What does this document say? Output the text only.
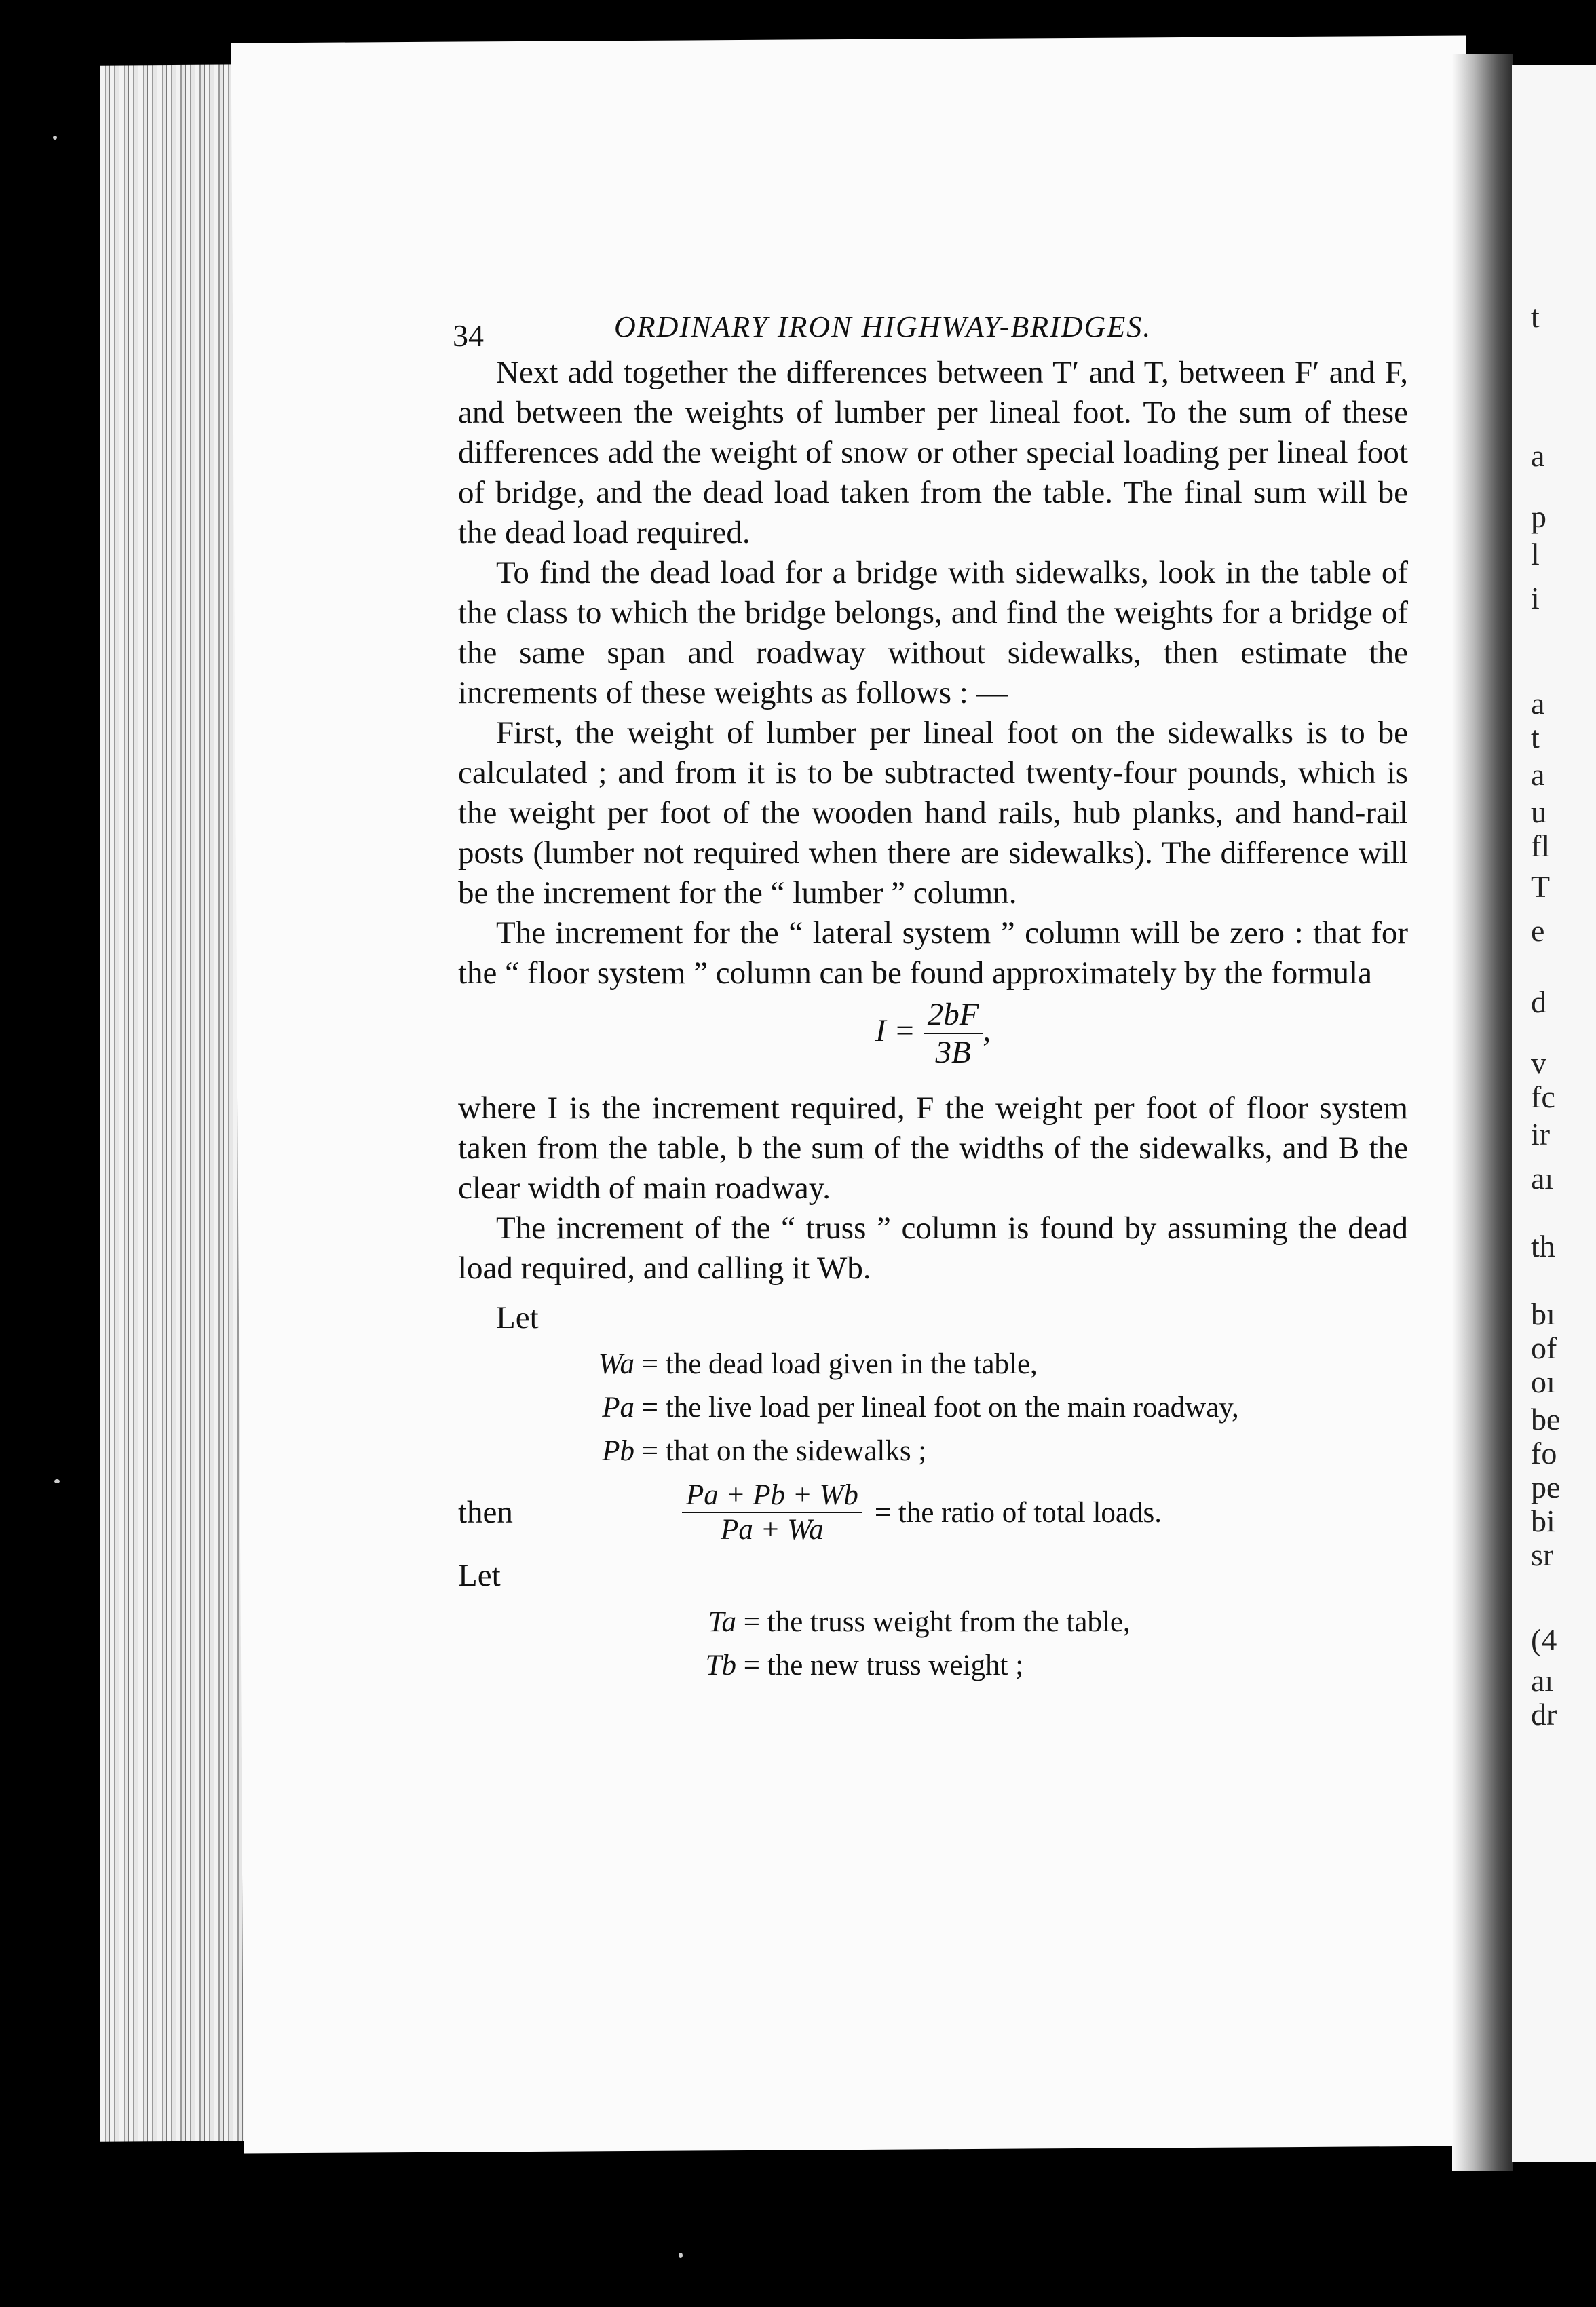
t
a
p
l
i
a
t
a
u
fl
T
e
d
v
fc
ir
aı
th
bı
of
oı
be
fo
pe
bi
sr
(4
aı
dr
34	ORDINARY IRON HIGHWAY-BRIDGES.

Next add together the differences between T′ and T, between F′ and F, and between the weights of lumber per lineal foot. To the sum of these differences add the weight of snow or other special loading per lineal foot of bridge, and the dead load taken from the table. The final sum will be the dead load required.

To find the dead load for a bridge with sidewalks, look in the table of the class to which the bridge belongs, and find the weights for a bridge of the same span and roadway without sidewalks, then estimate the increments of these weights as follows : —

First, the weight of lumber per lineal foot on the sidewalks is to be calculated ; and from it is to be subtracted twenty-four pounds, which is the weight per foot of the wooden hand rails, hub planks, and hand-rail posts (lumber not required when there are sidewalks). The difference will be the increment for the “ lumber ” column.

The increment for the “ lateral system ” column will be zero : that for the “ floor system ” column can be found approximately by the formula

$I = \frac{2bF}{3B}$ ,

where I is the increment required, F the weight per foot of floor system taken from the table, b the sum of the widths of the sidewalks, and B the clear width of main roadway.

The increment of the “ truss ” column is found by assuming the dead load required, and calling it Wb.

Let
Wa = the dead load given in the table,
Pa = the live load per lineal foot on the main roadway,
Pb = that on the sidewalks ;
then	$\frac{Pa + Pb + Wb}{Pa + Wa}$ = the ratio of total loads.
Let
Ta = the truss weight from the table,
Tb = the new truss weight ;
